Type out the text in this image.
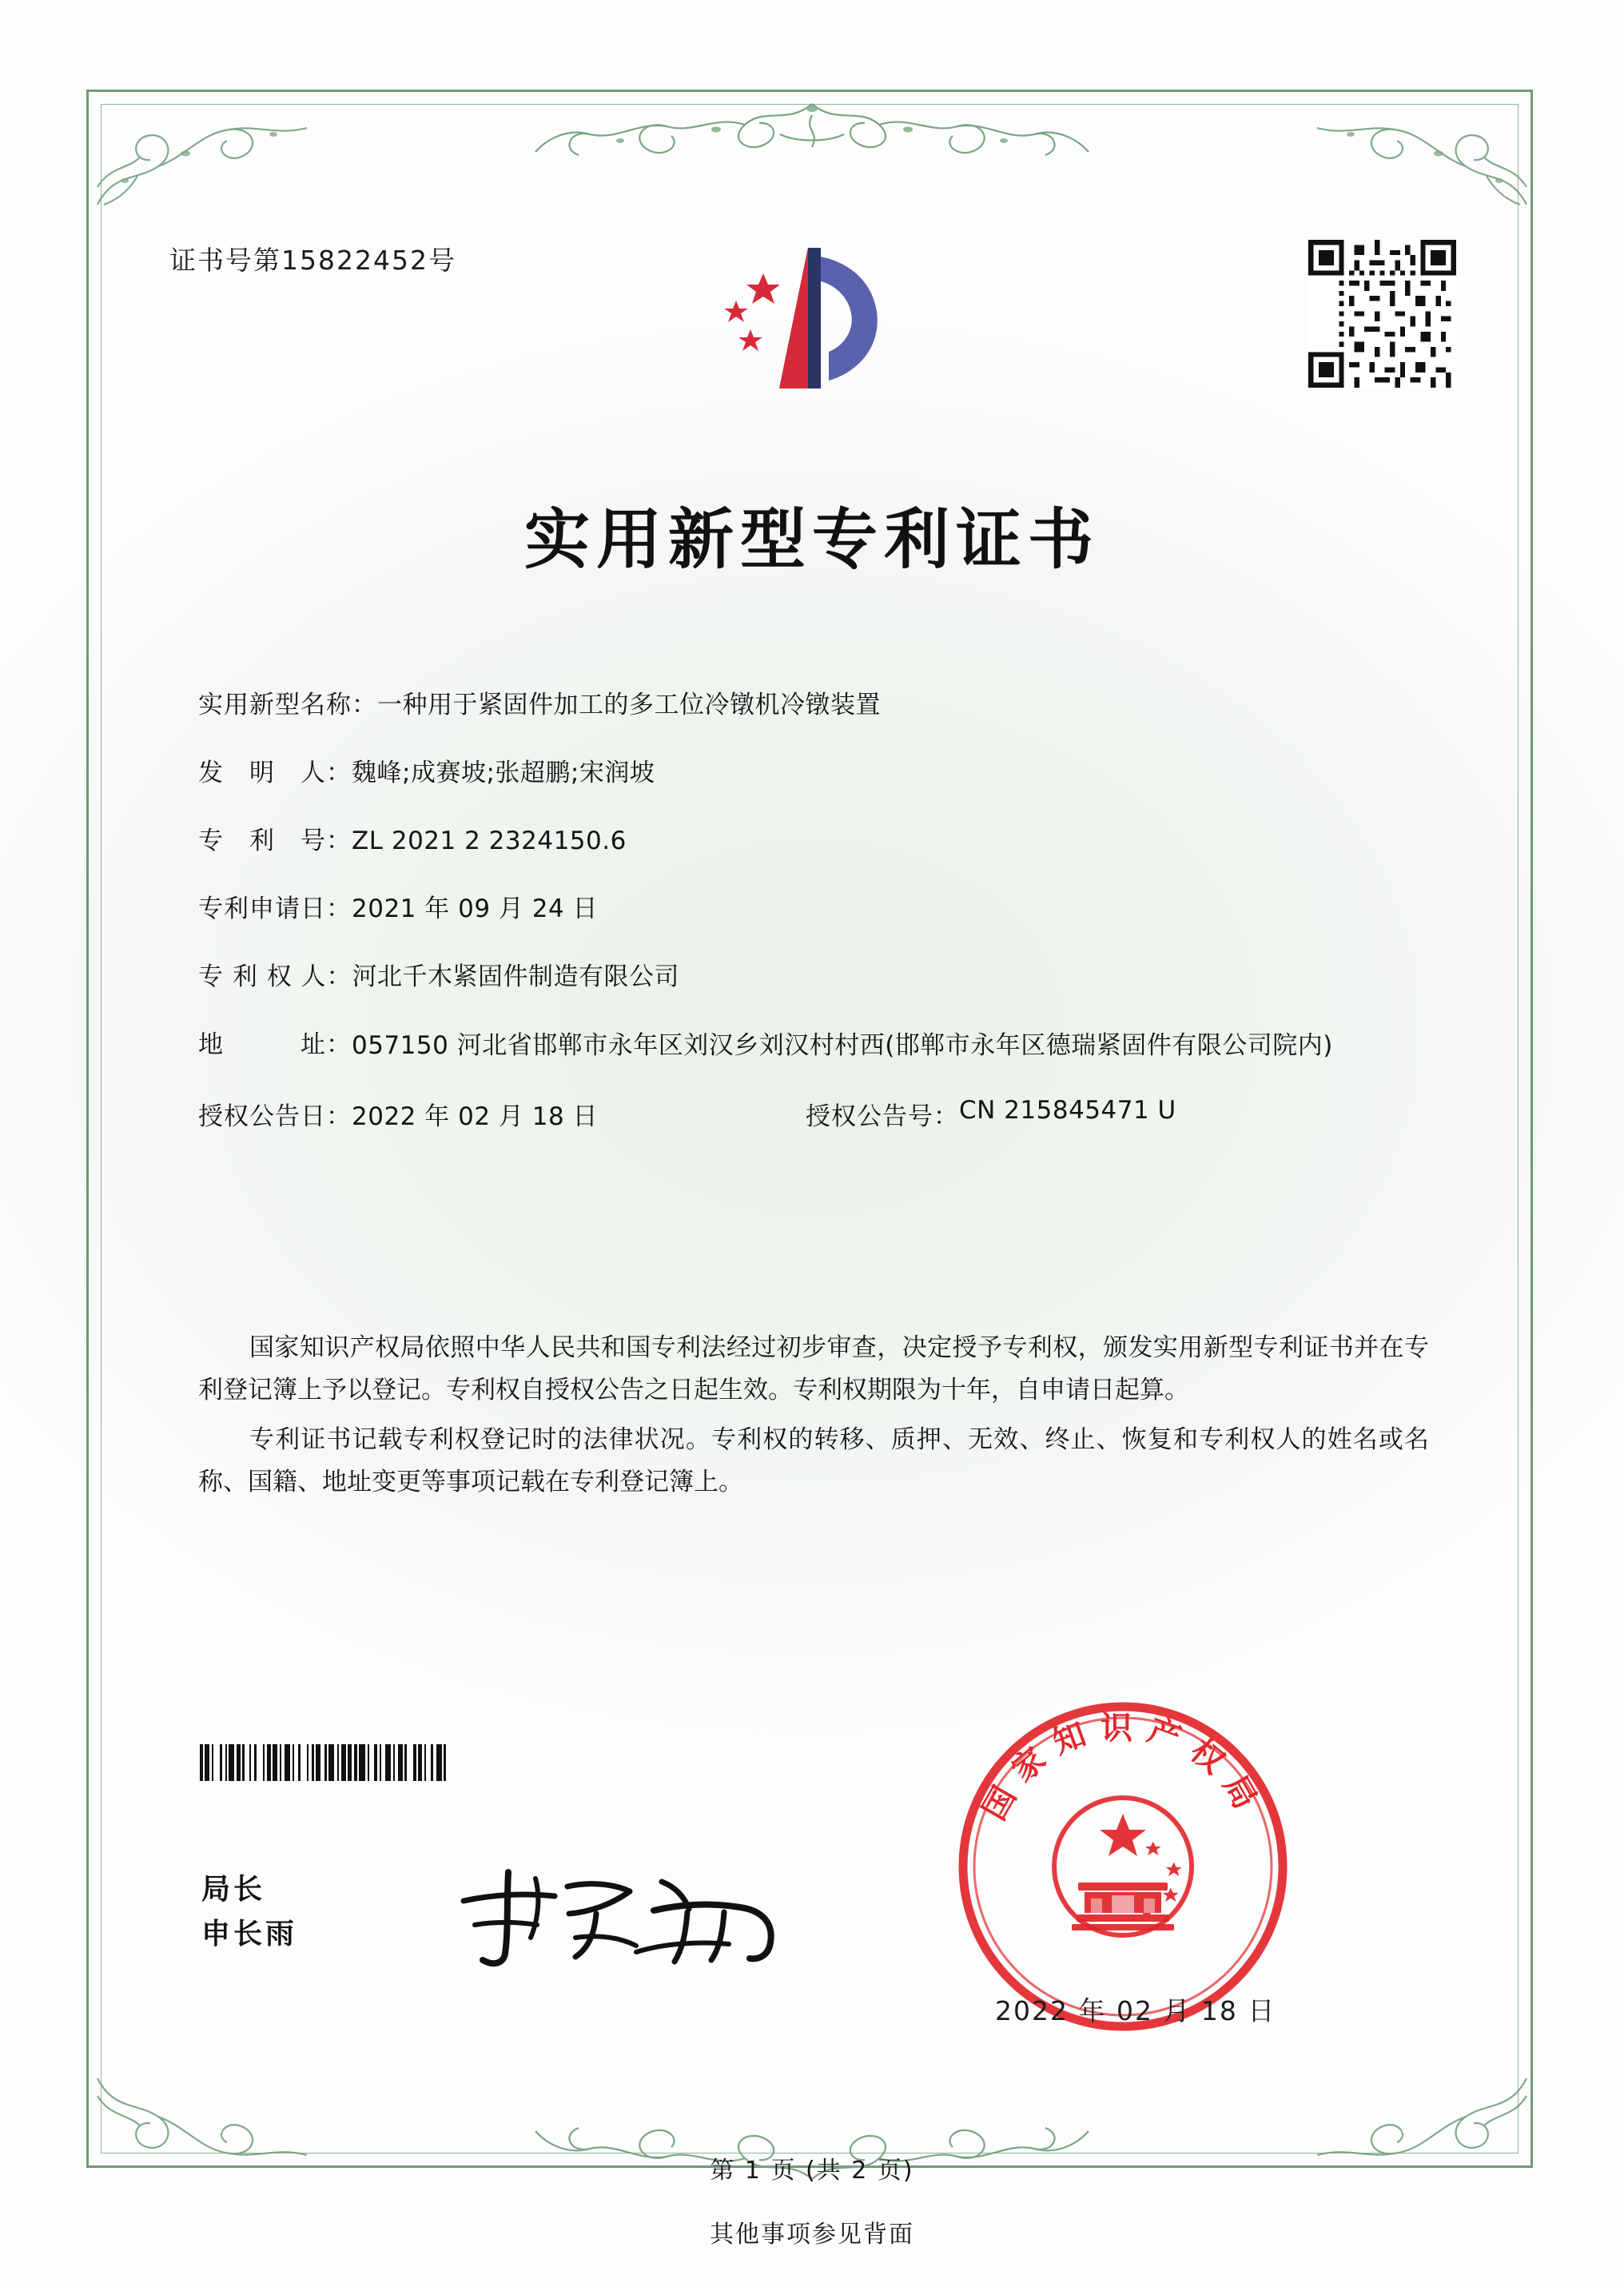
证书号第15822452号
实用新型专利证书
实用新型名称： 一种用于紧固件加工的多工位冷镦机冷镦装置
发　明　人： 魏峰;成赛坡;张超鹏;宋润坡
专　利　号： ZL 2021 2 2324150.6
专利申请日： 2021 年 09 月 24 日
专 利 权 人： 河北千木紧固件制造有限公司
地　　　址： 057150 河北省邯郸市永年区刘汉乡刘汉村村西(邯郸市永年区德瑞紧固件有限公司院内)
授权公告日： 2022 年 02 月 18 日	授权公告号： CN 215845471 U

国家知识产权局依照中华人民共和国专利法经过初步审查，决定授予专利权，颁发实用新型专利证书并在专利登记簿上予以登记。专利权自授权公告之日起生效。专利权期限为十年，自申请日起算。

专利证书记载专利权登记时的法律状况。专利权的转移、质押、无效、终止、恢复和专利权人的姓名或名称、国籍、地址变更等事项记载在专利登记簿上。

局长
申长雨
国家知识产权局
2022 年 02 月 18 日
第 1 页 (共 2 页)
其他事项参见背面
